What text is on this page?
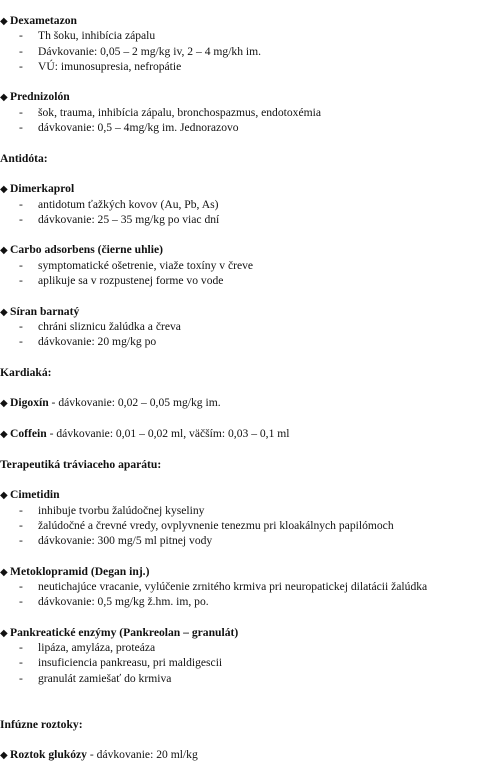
◆ Dexametazon
- Th šoku, inhibícia zápalu
- Dávkovanie: 0,05 – 2 mg/kg iv, 2 – 4 mg/kh im.
- VÚ: imunosupresia, nefropátie
◆ Prednizolón
- šok, trauma, inhibícia zápalu, bronchospazmus, endotoxémia
- dávkovanie: 0,5 – 4mg/kg im. Jednorazovo
Antidóta:
◆ Dimerkaprol
- antidotum ťažkých kovov (Au, Pb, As)
- dávkovanie: 25 – 35 mg/kg po viac dní
◆ Carbo adsorbens (čierne uhlie)
- symptomatické ošetrenie, viaže toxíny v čreve
- aplikuje sa v rozpustenej forme vo vode
◆ Síran barnatý
- chráni sliznicu žalúdka a čreva
- dávkovanie: 20 mg/kg po
Kardiaká:
◆ Digoxín - dávkovanie: 0,02 – 0,05 mg/kg im.
◆ Coffein - dávkovanie: 0,01 – 0,02 ml, väčším: 0,03 – 0,1 ml
Terapeutiká tráviaceho aparátu:
◆ Cimetidin
- inhibuje tvorbu žalúdočnej kyseliny
- žalúdočné a črevné vredy, ovplyvnenie tenezmu pri kloakálnych papilómoch
- dávkovanie: 300 mg/5 ml pitnej vody
◆ Metoklopramid (Degan inj.)
- neutichajúce vracanie, vylúčenie zrnitého krmiva pri neuropatickej dilatácii žalúdka
- dávkovanie: 0,5 mg/kg ž.hm. im, po.
◆ Pankreatické enzýmy (Pankreolan – granulát)
- lipáza, amyláza, proteáza
- insuficiencia pankreasu, pri maldigescii
- granulát zamiešať do krmiva
Infúzne roztoky:
◆ Roztok glukózy - dávkovanie: 20 ml/kg
